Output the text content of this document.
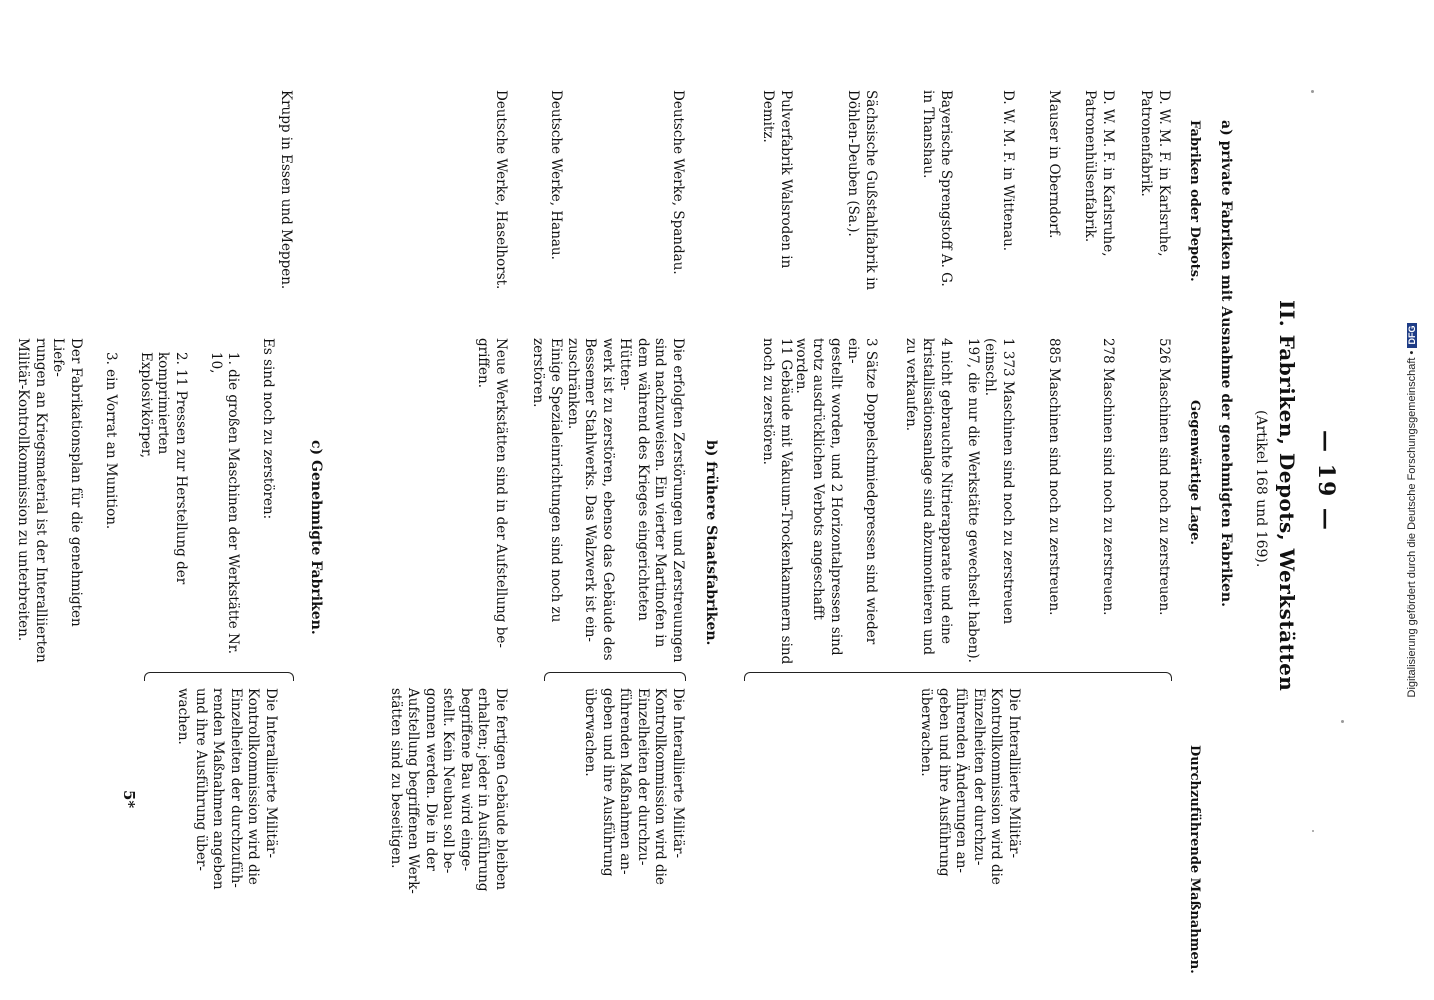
— 19 —
II. Fabriken, Depots, Werkstätten
(Artikel 168 und 169).
a) private Fabriken mit Ausnahme der genehmigten Fabriken.
Fabriken oder Depots.
Gegenwärtige Lage.
Durchzuführende Maßnahmen.
D. W. M. F. in Karlsruhe,
Patronenfabrik.
526 Maschinen sind noch zu zerstreuen.
D. W. M. F. in Karlsruhe,
Patronenhülsenfabrik.
278 Maschinen sind noch zu zerstreuen.
Mauser in Oberndorf.
885 Maschinen sind noch zu zerstreuen.
D. W. M. F. in Wittenau.
1 373 Maschinen sind noch zu zerstreuen (einschl.
197, die nur die Werkstätte gewechselt haben).
Bayerische Sprengstoff A. G.
in Thanshau.
4 nicht gebrauchte Nitrierapparate und eine
kristallisationsanlage sind abzumontieren und
zu verkaufen.
Sächsische Gußstahlfabrik in
Döhlen-Deuben (Sa.).
3 Sätze Doppelschmiedepressen sind wieder ein-
gestellt worden, und 2 Horizontalpressen sind
trotz ausdrücklichen Verbots angeschafft worden.
Pulverfabrik Walsroden in
Demitz.
11 Gebäude mit Vakuum-Trockenkammern sind
noch zu zerstören.
Die Interalliierte Militär-
Kontrollkommission wird die
Einzelheiten der durchzu-
führenden Änderungen an-
geben und ihre Ausführung
überwachen.
b) frühere Staatsfabriken.
Deutsche Werke, Spandau.
Die erfolgten Zerstörungen und Zerstreuungen
sind nachzuweisen. Ein vierter Martinofen in
dem während des Krieges eingerichteten Hütten-
werk ist zu zerstören, ebenso das Gebäude des
Bessemer Stahlwerks. Das Walzwerk ist ein-
zuschränken.
Deutsche Werke, Hanau.
Einige Spezialeinrichtungen sind noch zu zerstören.
Deutsche Werke, Haselhorst.
Neue Werkstätten sind in der Aufstellung be-
griffen.
Die Interalliierte Militär-
Kontrollkommission wird die
Einzelheiten der durchzu-
führenden Maßnahmen an-
geben und ihre Ausführung
überwachen.
Die fertigen Gebäude bleiben
erhalten; jeder in Ausführung
begriffene Bau wird einge-
stellt. Kein Neubau soll be-
gonnen werden. Die in der
Aufstellung begriffenen Werk-
stätten sind zu beseitigen.
c) Genehmigte Fabriken.
Krupp in Essen und Meppen.

Es sind noch zu zerstören:

1. die großen Maschinen der Werkstätte Nr. 10,

2. 11 Pressen zur Herstellung der komprimierten
Explosivkörper,

3. ein Vorrat an Munition.

Der Fabrikationsplan für die genehmigten Liefe-
rungen an Kriegsmaterial ist der Interalliierten
Militär-Kontrollkommission zu unterbreiten.

Die Interalliierte Militär-
Kontrollkommission wird die
Einzelheiten der durchzufüh-
renden Maßnahmen angeben
und ihre Ausführung über-
wachen.
5*
Digitalisierung gefördert durch die Deutsche Forschungsgemeinschaft • DFG
